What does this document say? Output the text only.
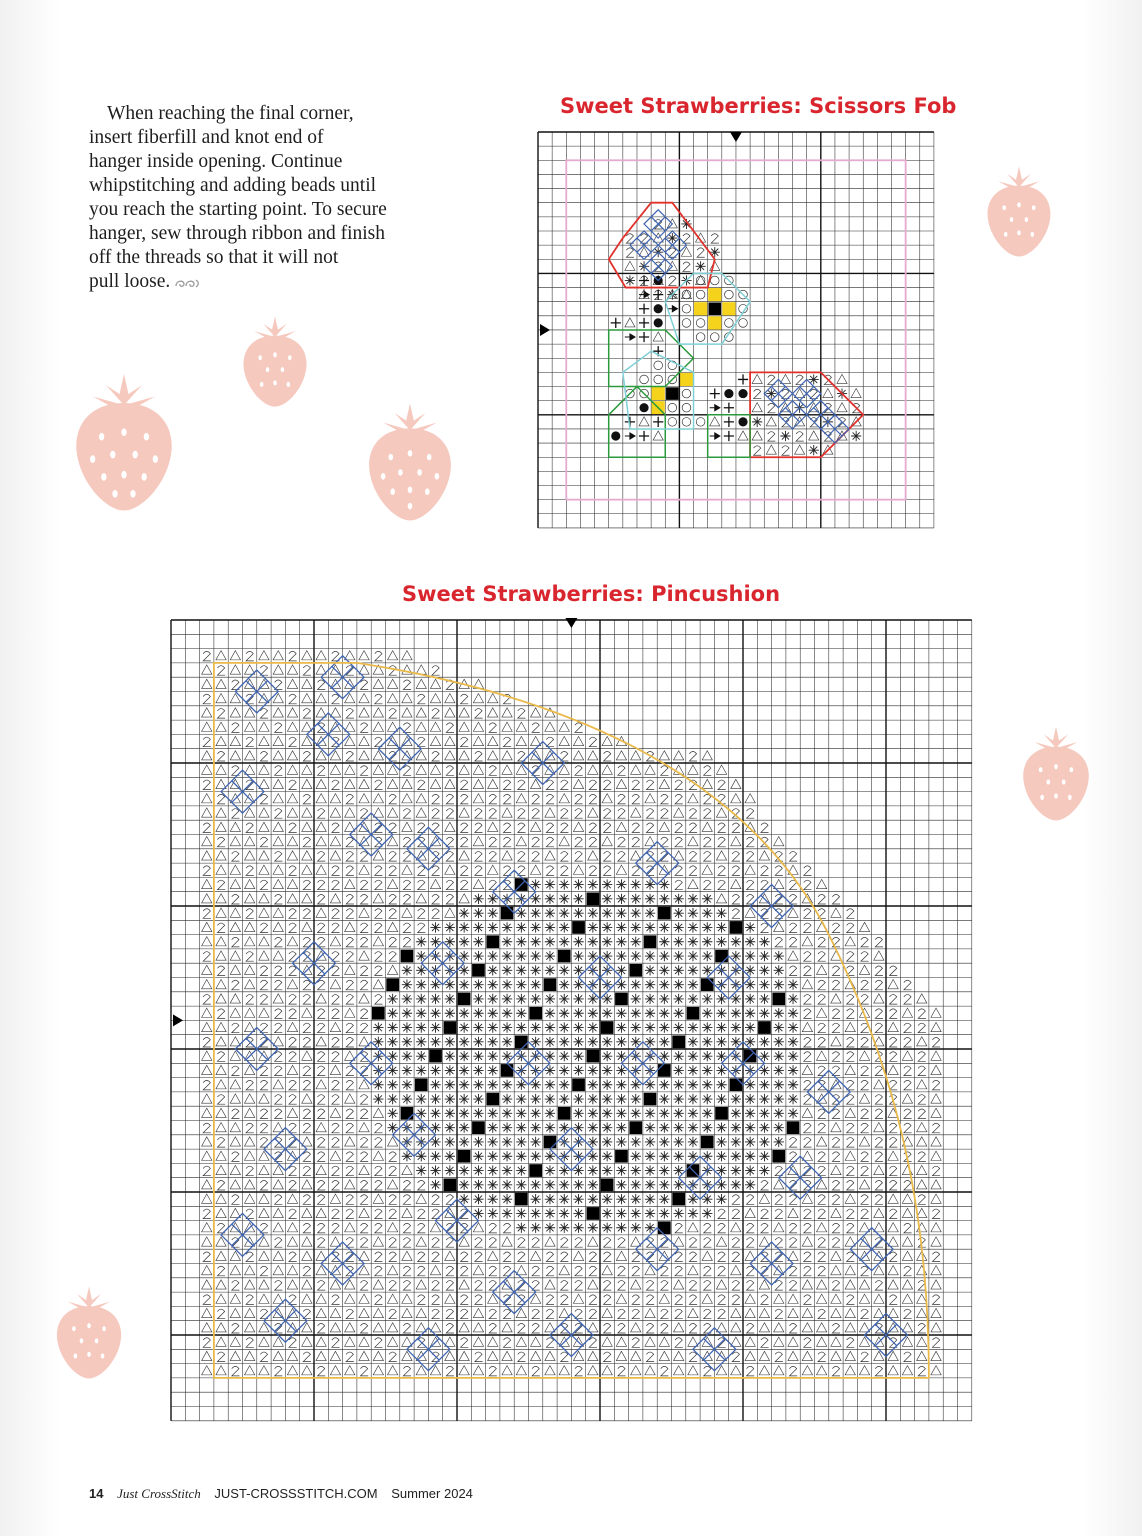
When reaching the final corner,
insert fiberfill and knot end of
hanger inside opening. Continue
whipstitching and adding beads until
you reach the starting point. To secure
hanger, sew through ribbon and finish
off the threads so that it will not
pull loose.

Sweet Strawberries: Scissors Fob
Sweet Strawberries: Pincushion
14 Just CrossStitch JUST-CROSSSTITCH.COM Summer 2024
